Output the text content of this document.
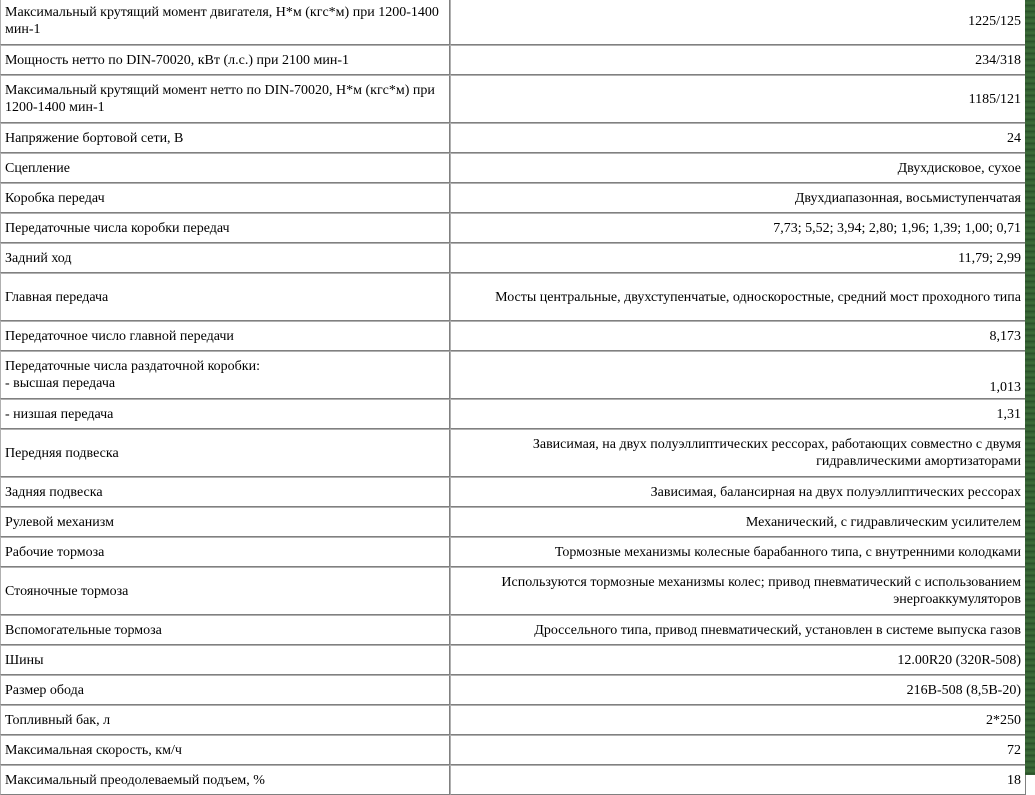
Максимальный крутящий момент двигателя, Н*м (кгс*м) при 1200-1400 мин-1	1225/125
Мощность нетто по DIN-70020, кВт (л.с.) при 2100 мин-1	234/318
Максимальный крутящий момент нетто по DIN-70020, Н*м (кгс*м) при 1200-1400 мин-1	1185/121
Напряжение бортовой сети, В	24
Сцепление	Двухдисковое, сухое
Коробка передач	Двухдиапазонная, восьмиступенчатая
Передаточные числа коробки передач	7,73; 5,52; 3,94; 2,80; 1,96; 1,39; 1,00; 0,71
Задний ход	11,79; 2,99
Главная передача	Мосты центральные, двухступенчатые, односкоростные, средний мост проходного типа
Передаточное число главной передачи	8,173
Передаточные числа раздаточной коробки:
- высшая передача	1,013
- низшая передача	1,31
Передняя подвеска	Зависимая, на двух полуэллиптических рессорах, работающих совместно с двумя гидравлическими амортизаторами
Задняя подвеска	Зависимая, балансирная на двух полуэллиптических рессорах
Рулевой механизм	Механический, с гидравлическим усилителем
Рабочие тормоза	Тормозные механизмы колесные барабанного типа, с внутренними колодками
Стояночные тормоза	Используются тормозные механизмы колес; привод пневматический с использованием энергоаккумуляторов
Вспомогательные тормоза	Дроссельного типа, привод пневматический, установлен в системе выпуска газов
Шины	12.00R20 (320R-508)
Размер обода	216В-508 (8,5В-20)
Топливный бак, л	2*250
Максимальная скорость, км/ч	72
Максимальный преодолеваемый подъем, %	18
